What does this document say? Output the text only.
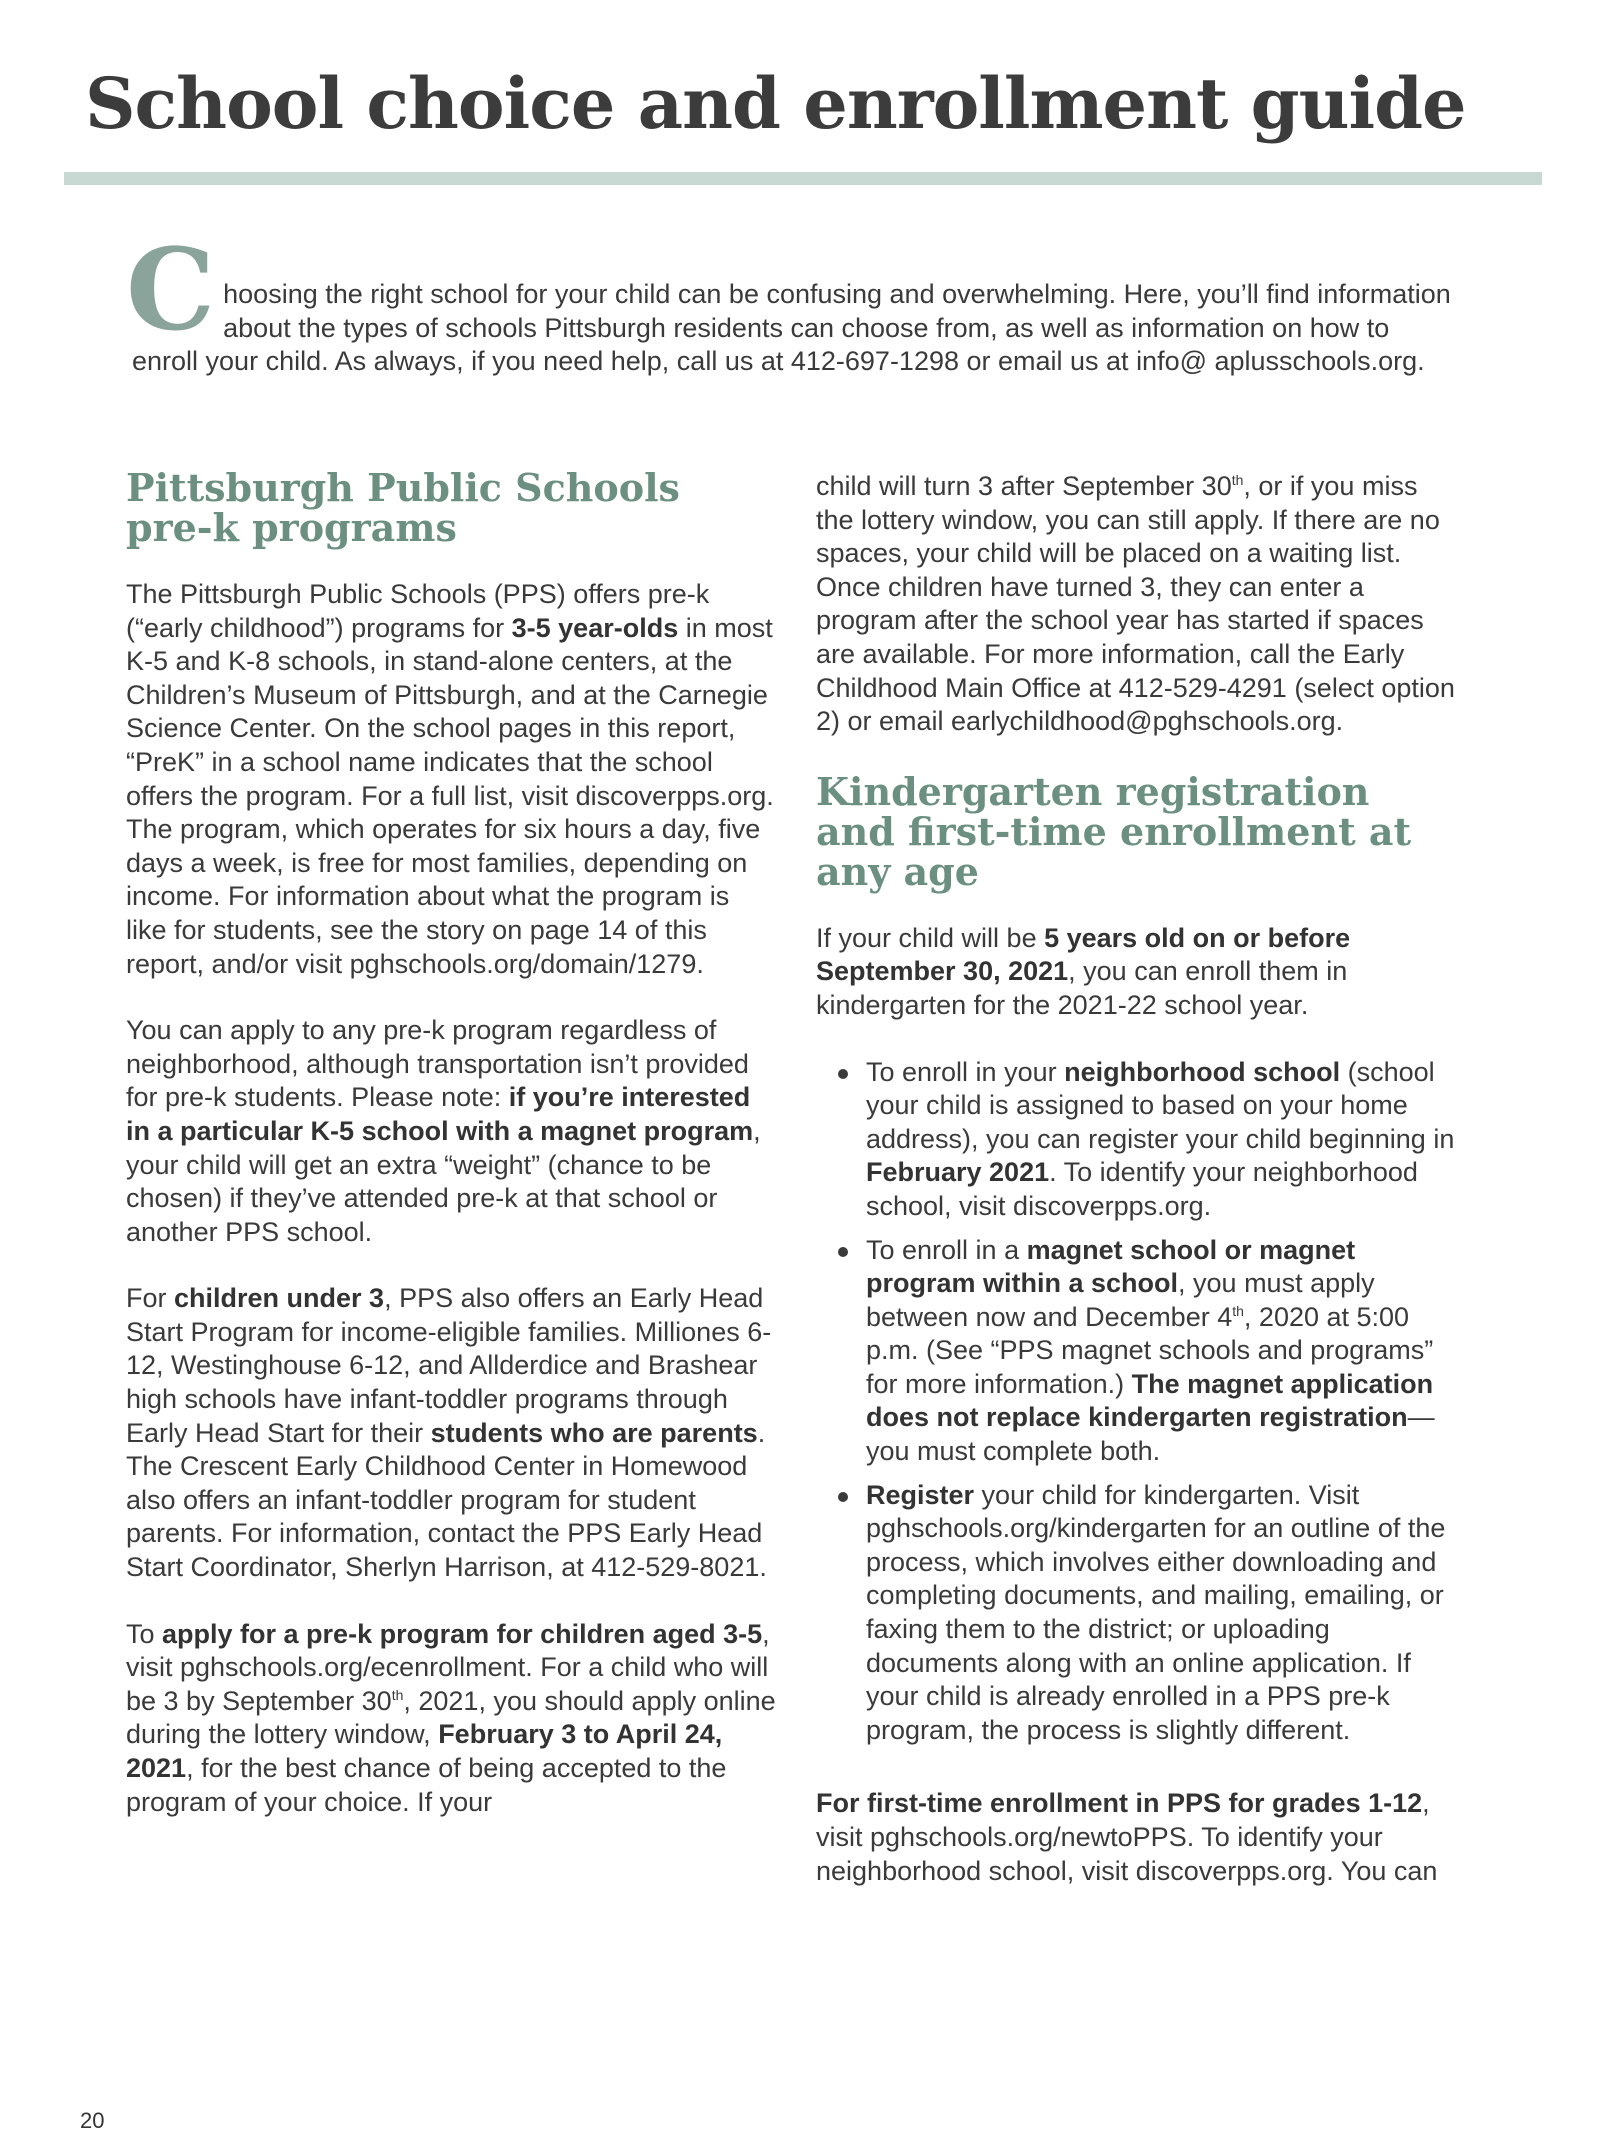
School choice and enrollment guide

Choosing the right school for your child can be confusing and overwhelming. Here, you’ll find information about the types of schools Pittsburgh residents can choose from, as well as information on how to enroll your child. As always, if you need help, call us at 412-697-1298 or email us at info@ aplusschools.org.

Pittsburgh Public Schools pre-k programs

The Pittsburgh Public Schools (PPS) offers pre-k (“early childhood”) programs for 3-5 year-olds in most K-5 and K-8 schools, in stand-alone centers, at the Children’s Museum of Pittsburgh, and at the Carnegie Science Center. On the school pages in this report, “PreK” in a school name indicates that the school offers the program. For a full list, visit discoverpps.org. The program, which operates for six hours a day, five days a week, is free for most families, depending on income. For information about what the program is like for students, see the story on page 14 of this report, and/or visit pghschools.org/domain/1279.

You can apply to any pre-k program regardless of neighborhood, although transportation isn’t provided for pre-k students. Please note: if you’re interested in a particular K-5 school with a magnet program, your child will get an extra “weight” (chance to be chosen) if they’ve attended pre-k at that school or another PPS school.

For children under 3, PPS also offers an Early Head Start Program for income-eligible families. Milliones 6-12, Westinghouse 6-12, and Allderdice and Brashear high schools have infant-toddler programs through Early Head Start for their students who are parents. The Crescent Early Childhood Center in Homewood also offers an infant-toddler program for student parents. For information, contact the PPS Early Head Start Coordinator, Sherlyn Harrison, at 412-529-8021.

To apply for a pre-k program for children aged 3-5, visit pghschools.org/ecenrollment. For a child who will be 3 by September 30th, 2021, you should apply online during the lottery window, February 3 to April 24, 2021, for the best chance of being accepted to the program of your choice. If your

child will turn 3 after September 30th, or if you miss the lottery window, you can still apply. If there are no spaces, your child will be placed on a waiting list. Once children have turned 3, they can enter a program after the school year has started if spaces are available. For more information, call the Early Childhood Main Office at 412-529-4291 (select option 2) or email earlychildhood@pghschools.org.

Kindergarten registration and first-time enrollment at any age

If your child will be 5 years old on or before September 30, 2021, you can enroll them in kindergarten for the 2021-22 school year.

To enroll in your neighborhood school (school your child is assigned to based on your home address), you can register your child beginning in February 2021. To identify your neighborhood school, visit discoverpps.org.
To enroll in a magnet school or magnet program within a school, you must apply between now and December 4th, 2020 at 5:00 p.m. (See “PPS magnet schools and programs” for more information.) The magnet application does not replace kindergarten registration—you must complete both.
Register your child for kindergarten. Visit pghschools.org/kindergarten for an outline of the process, which involves either downloading and completing documents, and mailing, emailing, or faxing them to the district; or uploading documents along with an online application. If your child is already enrolled in a PPS pre-k program, the process is slightly different.

For first-time enrollment in PPS for grades 1-12, visit pghschools.org/newtoPPS. To identify your neighborhood school, visit discoverpps.org. You can

20
